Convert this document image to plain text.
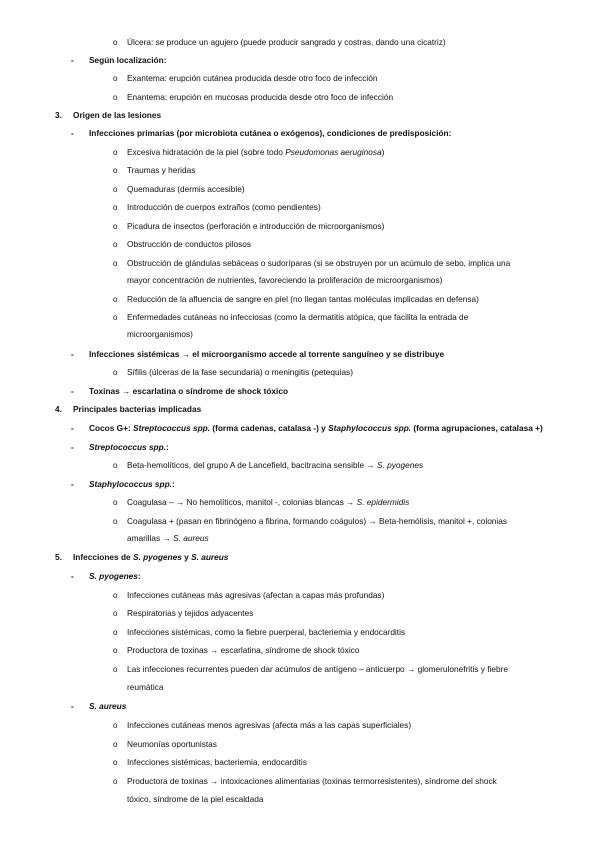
o Úlcera: se produce un agujero (puede producir sangrado y costras, dando una cicatriz)
- Según localización:
o Exantema: erupción cutánea producida desde otro foco de infección
o Enantema: erupción en mucosas producida desde otro foco de infección
3. Origen de las lesiones
- Infecciones primarias (por microbiota cutánea o exógenos), condiciones de predisposición:
o Excesiva hidratación de la piel (sobre todo Pseudomonas aeruginosa)
o Traumas y heridas
o Quemaduras (dermis accesible)
o Introducción de cuerpos extraños (como pendientes)
o Picadura de insectos (perforación e introducción de microorganismos)
o Obstrucción de conductos pilosos
o Obstrucción de glándulas sebáceas o sudoríparas (si se obstruyen por un acúmulo de sebo, implica una
mayor concentración de nutrientes, favoreciendo la proliferación de microorganismos)
o Reducción de la afluencia de sangre en piel (no llegan tantas moléculas implicadas en defensa)
o Enfermedades cutáneas no infecciosas (como la dermatitis atópica, que facilita la entrada de
microorganismos)
- Infecciones sistémicas → el microorganismo accede al torrente sanguíneo y se distribuye
o Sífilis (úlceras de la fase secundaria) o meningitis (petequias)
- Toxinas → escarlatina o síndrome de shock tóxico
4. Principales bacterias implicadas
- Cocos G+: Streptococcus spp. (forma cadenas, catalasa -) y Staphylococcus spp. (forma agrupaciones, catalasa +)
- Streptococcus spp.:
o Beta-hemolíticos, del grupo A de Lancefield, bacitracina sensible → S. pyogenes
- Staphylococcus spp.:
o Coagulasa – → No hemolíticos, manitol -, colonias blancas → S. epidermidis
o Coagulasa + (pasan en fibrinógeno a fibrina, formando coágulos) → Beta-hemólisis, manitol +, colonias
amarillas → S. aureus
5. Infecciones de S. pyogenes y S. aureus
- S. pyogenes:
o Infecciones cutáneas más agresivas (afectan a capas más profundas)
o Respiratorias y tejidos adyacentes
o Infecciones sistémicas, como la fiebre puerperal, bacteriemia y endocarditis
o Productora de toxinas → escarlatina, síndrome de shock tóxico
o Las infecciones recurrentes pueden dar acúmulos de antígeno – anticuerpo → glomerulonefritis y fiebre
reumática
- S. aureus
o Infecciones cutáneas menos agresivas (afecta más a las capas superficiales)
o Neumonías oportunistas
o Infecciones sistémicas, bacteriemia, endocarditis
o Productora de toxinas → intoxicaciones alimentarias (toxinas termorresistentes), síndrome del shock
tóxico, síndrome de la piel escaldada
